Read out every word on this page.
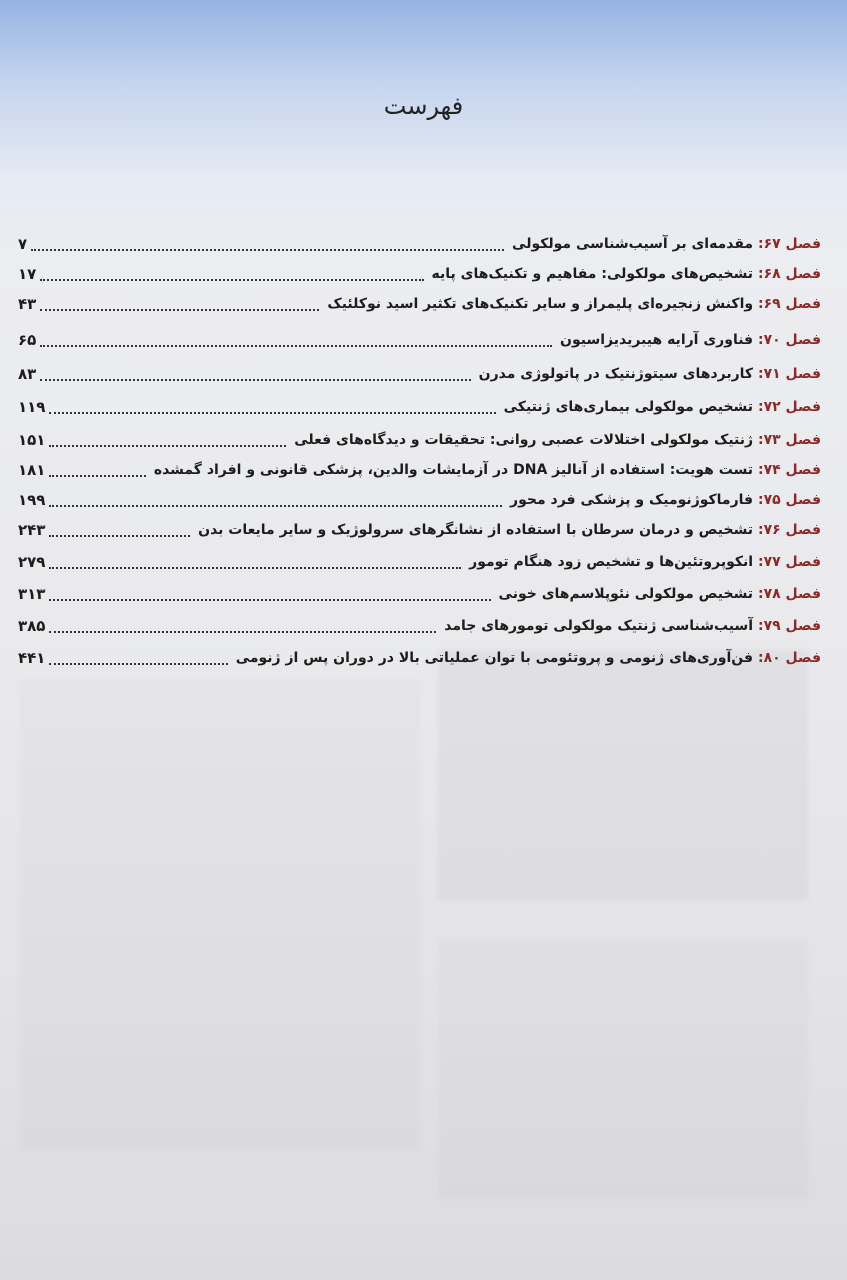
فهرست
فصل ۶۷: مقدمه‌ای بر آسیب‌شناسی مولکولی
۷
فصل ۶۸: تشخیص‌های مولکولی: مفاهیم و تکنیک‌های پایه
۱۷
فصل ۶۹: واکنش زنجیره‌ای پلیمراز و سایر تکنیک‌های تکثیر اسید نوکلئیک
۴۳
فصل ۷۰: فناوری آرایه هیبریدیزاسیون
۶۵
فصل ۷۱: کاربردهای سیتوژنتیک در پاتولوژی مدرن
۸۳
فصل ۷۲: تشخیص مولکولی بیماری‌های ژنتیکی
۱۱۹
فصل ۷۳: ژنتیک مولکولی اختلالات عصبی روانی: تحقیقات و دیدگاه‌های فعلی
۱۵۱
فصل ۷۴: تست هویت: استفاده از آنالیز DNA در آزمایشات والدین، پزشکی قانونی و افراد گمشده
۱۸۱
فصل ۷۵: فارماکوژنومیک و پزشکی فرد محور
۱۹۹
فصل ۷۶: تشخیص و درمان سرطان با استفاده از نشانگرهای سرولوژیک و سایر مایعات بدن
۲۴۳
فصل ۷۷: انکوپروتئین‌ها و تشخیص زود هنگام تومور
۲۷۹
فصل ۷۸: تشخیص مولکولی نئوپلاسم‌های خونی
۳۱۳
فصل ۷۹: آسیب‌شناسی ژنتیک مولکولی تومورهای جامد
۳۸۵
فصل ۸۰: فن‌آوری‌های ژنومی و پروتئومی با توان عملیاتی بالا در دوران پس از ژنومی
۴۴۱
